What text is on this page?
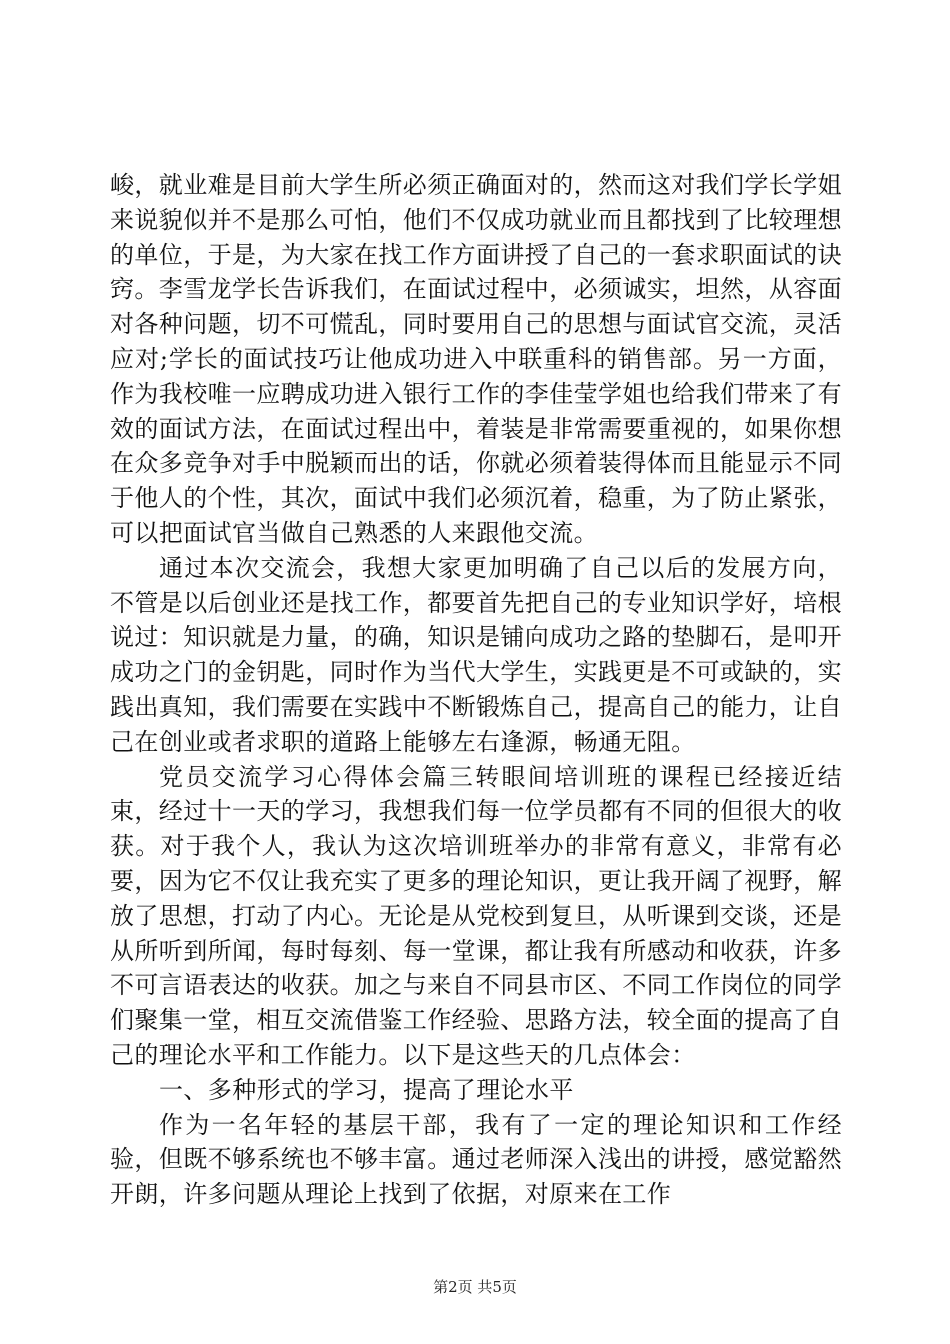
峻，就业难是目前大学生所必须正确面对的，然而这对我们学长学姐来说貌似并不是那么可怕，他们不仅成功就业而且都找到了比较理想的单位，于是，为大家在找工作方面讲授了自己的一套求职面试的诀窍。李雪龙学长告诉我们，在面试过程中，必须诚实，坦然，从容面对各种问题，切不可慌乱，同时要用自己的思想与面试官交流，灵活应对;学长的面试技巧让他成功进入中联重科的销售部。另一方面，作为我校唯一应聘成功进入银行工作的李佳莹学姐也给我们带来了有效的面试方法，在面试过程出中，着装是非常需要重视的，如果你想在众多竞争对手中脱颖而出的话，你就必须着装得体而且能显示不同于他人的个性，其次，面试中我们必须沉着，稳重，为了防止紧张，可以把面试官当做自己熟悉的人来跟他交流。

通过本次交流会，我想大家更加明确了自己以后的发展方向，不管是以后创业还是找工作，都要首先把自己的专业知识学好，培根说过：知识就是力量，的确，知识是铺向成功之路的垫脚石，是叩开成功之门的金钥匙，同时作为当代大学生，实践更是不可或缺的，实践出真知，我们需要在实践中不断锻炼自己，提高自己的能力，让自己在创业或者求职的道路上能够左右逢源，畅通无阻。

党员交流学习心得体会篇三转眼间培训班的课程已经接近结束，经过十一天的学习，我想我们每一位学员都有不同的但很大的收获。对于我个人，我认为这次培训班举办的非常有意义，非常有必要，因为它不仅让我充实了更多的理论知识，更让我开阔了视野，解放了思想，打动了内心。无论是从党校到复旦，从听课到交谈，还是从所听到所闻，每时每刻、每一堂课，都让我有所感动和收获，许多不可言语表达的收获。加之与来自不同县市区、不同工作岗位的同学们聚集一堂，相互交流借鉴工作经验、思路方法，较全面的提高了自己的理论水平和工作能力。以下是这些天的几点体会：

一、多种形式的学习，提高了理论水平

作为一名年轻的基层干部，我有了一定的理论知识和工作经验，但既不够系统也不够丰富。通过老师深入浅出的讲授，感觉豁然开朗，许多问题从理论上找到了依据，对原来在工作

第2页 共5页
